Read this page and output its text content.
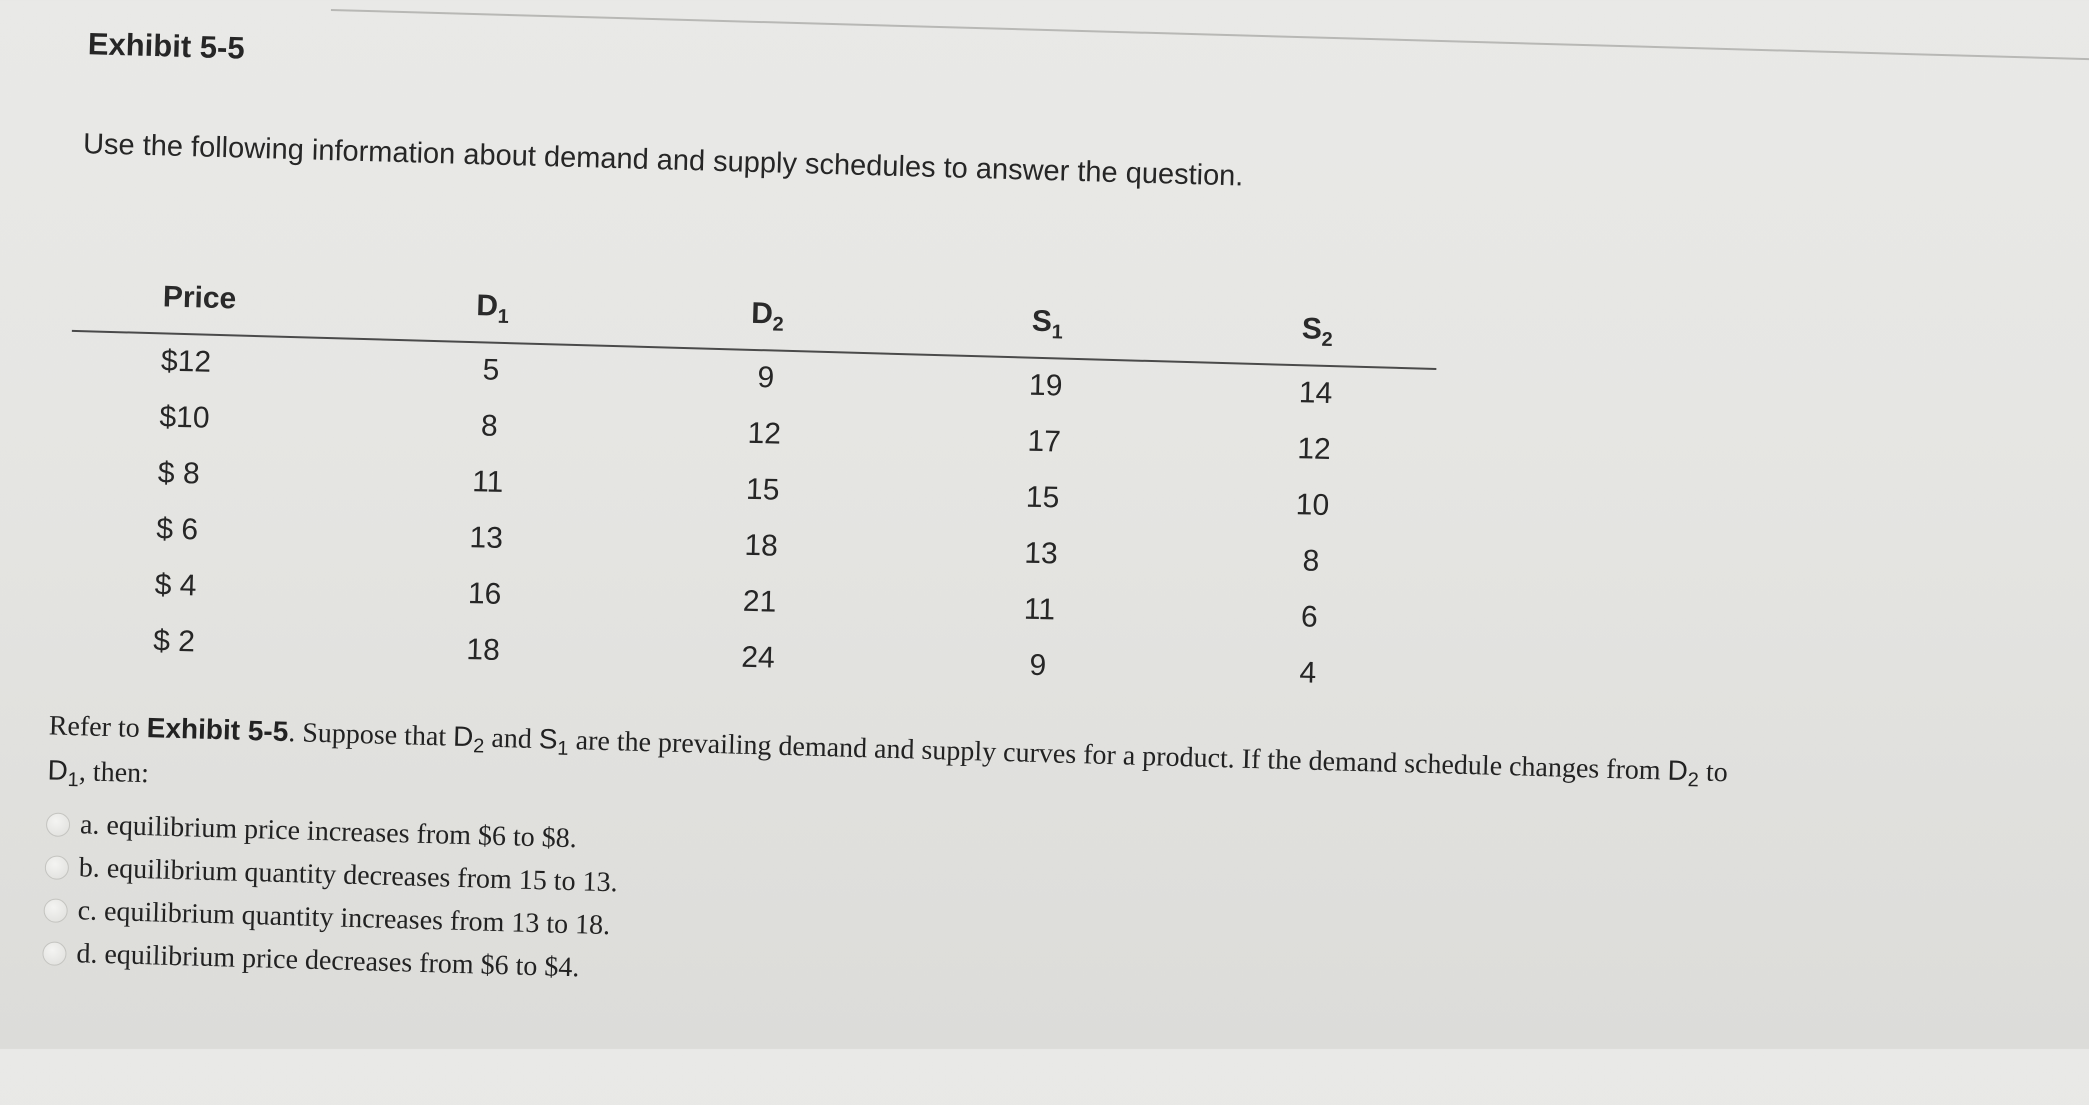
Exhibit 5-5
Use the following information about demand and supply schedules to answer the question.
Price	$D_1$	$D_2$	$S_1$	$S_2$
$12	5	9	19	14
$10	8	12	17	12
$ 8	11	15	15	10
$ 6	13	18	13	8
$ 4	16	21	11	6
$ 2	18	24	9	4
Refer to Exhibit 5-5. Suppose that $D_2$ and $S_1$ are the prevailing demand and supply curves for a product. If the demand schedule changes from $D_2$ to
$D_1$, then:
a. equilibrium price increases from $6 to $8.
b. equilibrium quantity decreases from 15 to 13.
c. equilibrium quantity increases from 13 to 18.
d. equilibrium price decreases from $6 to $4.
